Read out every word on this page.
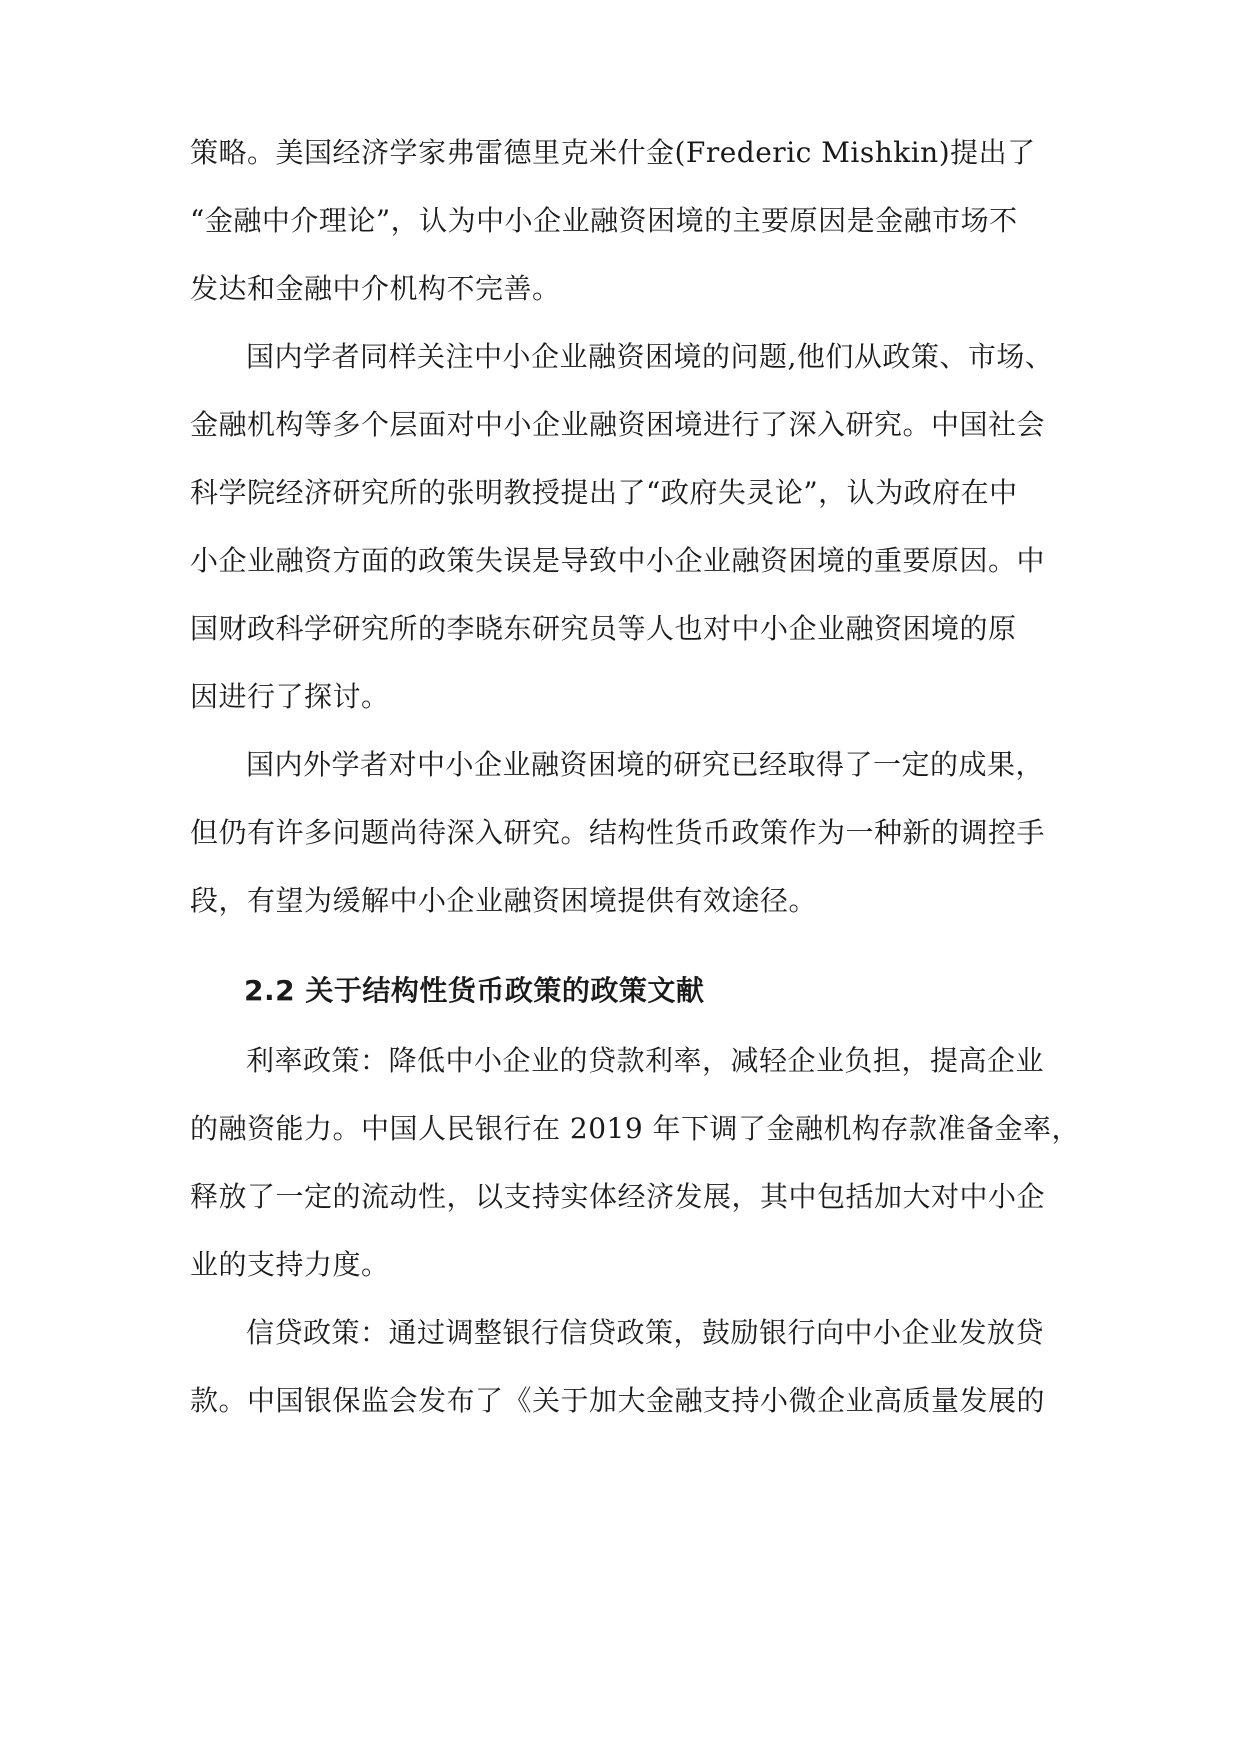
策略。美国经济学家弗雷德里克米什金(Frederic Mishkin)提出了
“金融中介理论”，认为中小企业融资困境的主要原因是金融市场不
发达和金融中介机构不完善。
国内学者同样关注中小企业融资困境的问题,他们从政策、市场、
金融机构等多个层面对中小企业融资困境进行了深入研究。中国社会
科学院经济研究所的张明教授提出了“政府失灵论”，认为政府在中
小企业融资方面的政策失误是导致中小企业融资困境的重要原因。中
国财政科学研究所的李晓东研究员等人也对中小企业融资困境的原
因进行了探讨。
国内外学者对中小企业融资困境的研究已经取得了一定的成果，
但仍有许多问题尚待深入研究。结构性货币政策作为一种新的调控手
段，有望为缓解中小企业融资困境提供有效途径。
2.2 关于结构性货币政策的政策文献
利率政策：降低中小企业的贷款利率，减轻企业负担，提高企业
的融资能力。中国人民银行在 2019 年下调了金融机构存款准备金率，
释放了一定的流动性，以支持实体经济发展，其中包括加大对中小企
业的支持力度。
信贷政策：通过调整银行信贷政策，鼓励银行向中小企业发放贷
款。中国银保监会发布了《关于加大金融支持小微企业高质量发展的
